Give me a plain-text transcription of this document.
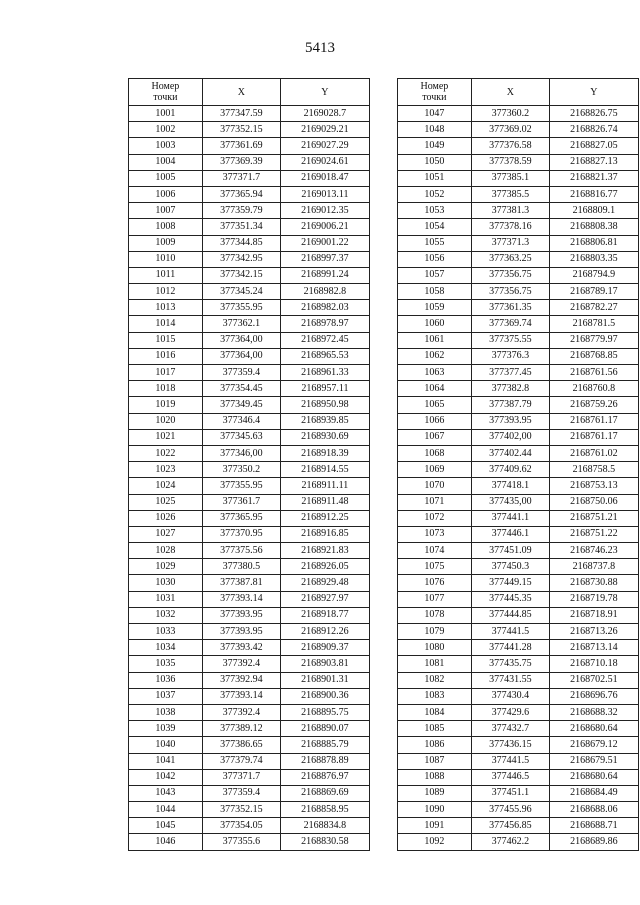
5413
Номер
точки	X	Y
1001	377347.59	2169028.7
1002	377352.15	2169029.21
1003	377361.69	2169027.29
1004	377369.39	2169024.61
1005	377371.7	2169018.47
1006	377365.94	2169013.11
1007	377359.79	2169012.35
1008	377351.34	2169006.21
1009	377344.85	2169001.22
1010	377342.95	2168997.37
1011	377342.15	2168991.24
1012	377345.24	2168982.8
1013	377355.95	2168982.03
1014	377362.1	2168978.97
1015	377364,00	2168972.45
1016	377364,00	2168965.53
1017	377359.4	2168961.33
1018	377354.45	2168957.11
1019	377349.45	2168950.98
1020	377346.4	2168939.85
1021	377345.63	2168930.69
1022	377346,00	2168918.39
1023	377350.2	2168914.55
1024	377355.95	2168911.11
1025	377361.7	2168911.48
1026	377365.95	2168912.25
1027	377370.95	2168916.85
1028	377375.56	2168921.83
1029	377380.5	2168926.05
1030	377387.81	2168929.48
1031	377393.14	2168927.97
1032	377393.95	2168918.77
1033	377393.95	2168912.26
1034	377393.42	2168909.37
1035	377392.4	2168903.81
1036	377392.94	2168901.31
1037	377393.14	2168900.36
1038	377392.4	2168895.75
1039	377389.12	2168890.07
1040	377386.65	2168885.79
1041	377379.74	2168878.89
1042	377371.7	2168876.97
1043	377359.4	2168869.69
1044	377352.15	2168858.95
1045	377354.05	2168834.8
1046	377355.6	2168830.58
Номер
точки	X	Y
1047	377360.2	2168826.75
1048	377369.02	2168826.74
1049	377376.58	2168827.05
1050	377378.59	2168827.13
1051	377385.1	2168821.37
1052	377385.5	2168816.77
1053	377381.3	2168809.1
1054	377378.16	2168808.38
1055	377371.3	2168806.81
1056	377363.25	2168803.35
1057	377356.75	2168794.9
1058	377356.75	2168789.17
1059	377361.35	2168782.27
1060	377369.74	2168781.5
1061	377375.55	2168779.97
1062	377376.3	2168768.85
1063	377377.45	2168761.56
1064	377382.8	2168760.8
1065	377387.79	2168759.26
1066	377393.95	2168761.17
1067	377402,00	2168761.17
1068	377402.44	2168761.02
1069	377409.62	2168758.5
1070	377418.1	2168753.13
1071	377435,00	2168750.06
1072	377441.1	2168751.21
1073	377446.1	2168751.22
1074	377451.09	2168746.23
1075	377450.3	2168737.8
1076	377449.15	2168730.88
1077	377445.35	2168719.78
1078	377444.85	2168718.91
1079	377441.5	2168713.26
1080	377441.28	2168713.14
1081	377435.75	2168710.18
1082	377431.55	2168702.51
1083	377430.4	2168696.76
1084	377429.6	2168688.32
1085	377432.7	2168680.64
1086	377436.15	2168679.12
1087	377441.5	2168679.51
1088	377446.5	2168680.64
1089	377451.1	2168684.49
1090	377455.96	2168688.06
1091	377456.85	2168688.71
1092	377462.2	2168689.86
